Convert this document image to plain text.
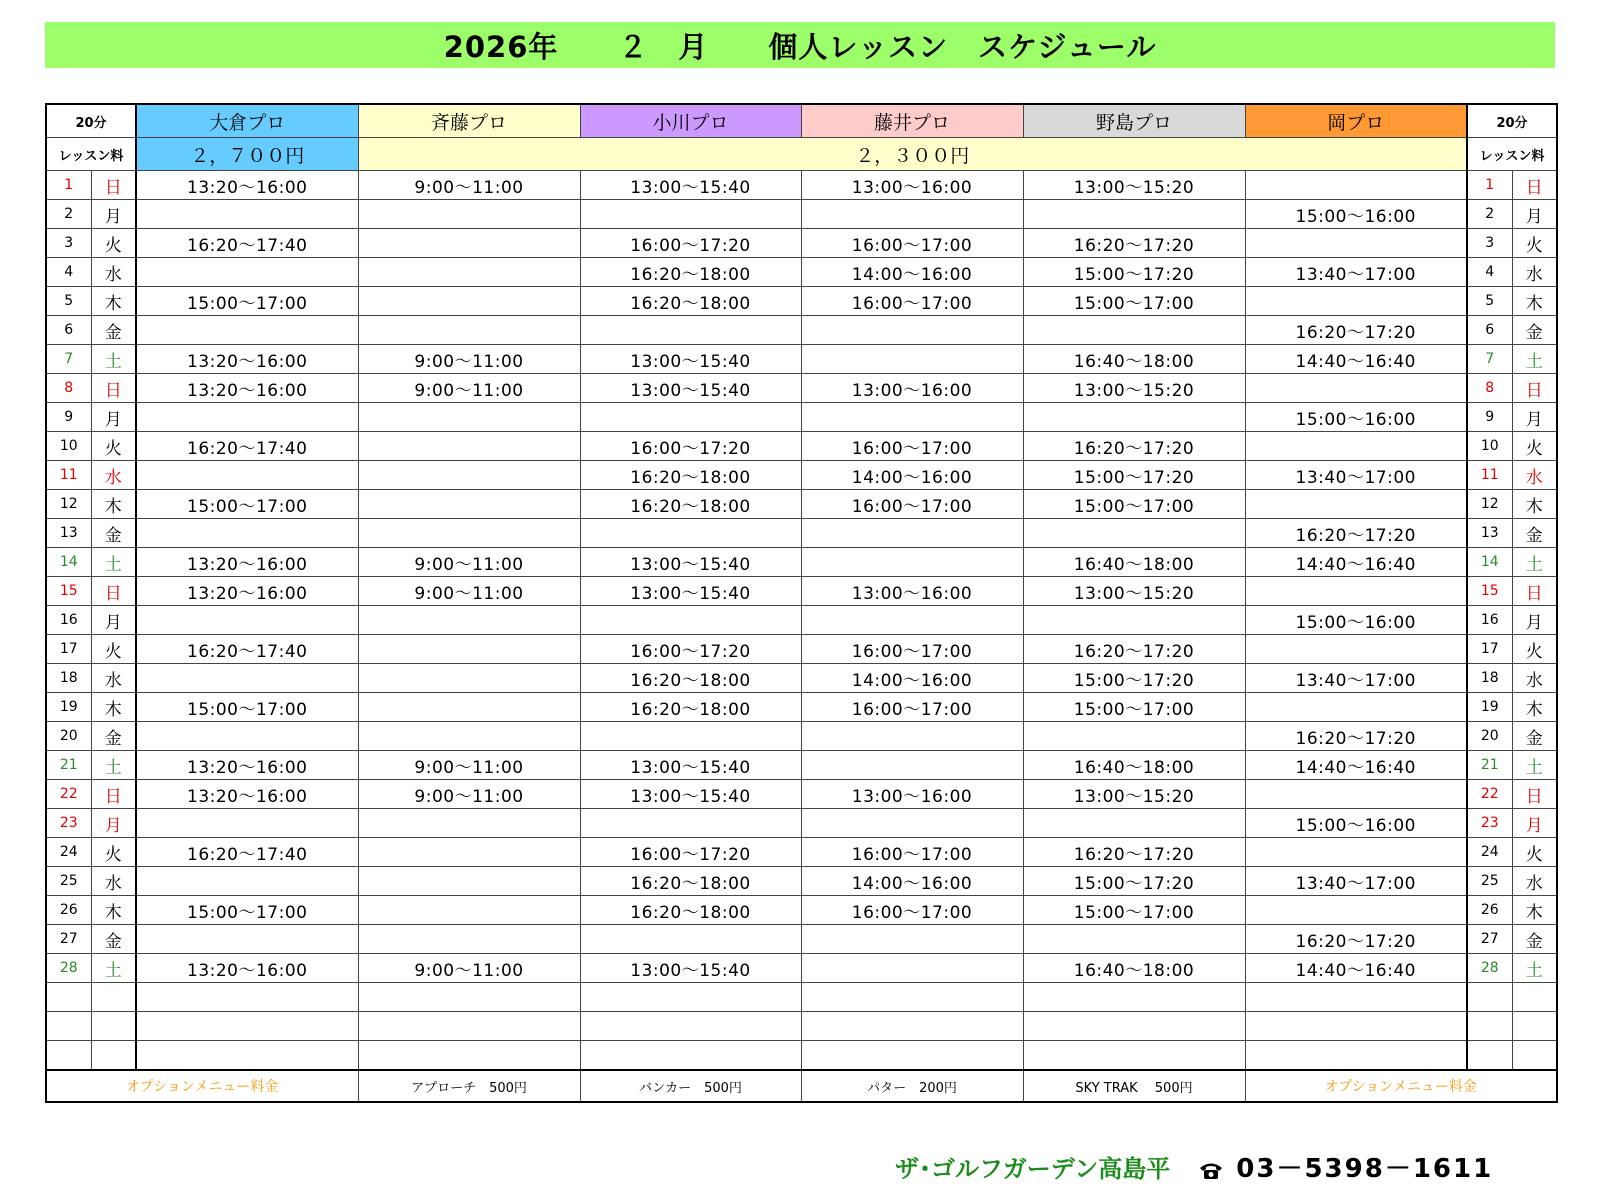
2026年　　２　月　　個人レッスン　スケジュール
20分		大倉プロ	斉藤プロ	小川プロ	藤井プロ	野島プロ	岡プロ	20分	
レッスン料		２，７００円	２，３００円					レッスン料	
1	日	13:20～16:00	9:00～11:00	13:00～15:40	13:00～16:00	13:00～15:20		1	日
2	月						15:00～16:00	2	月
3	火	16:20～17:40		16:00～17:20	16:00～17:00	16:20～17:20		3	火
4	水			16:20～18:00	14:00～16:00	15:00～17:20	13:40～17:00	4	水
5	木	15:00～17:00		16:20～18:00	16:00～17:00	15:00～17:00		5	木
6	金						16:20～17:20	6	金
7	土	13:20～16:00	9:00～11:00	13:00～15:40		16:40～18:00	14:40～16:40	7	土
8	日	13:20～16:00	9:00～11:00	13:00～15:40	13:00～16:00	13:00～15:20		8	日
9	月						15:00～16:00	9	月
10	火	16:20～17:40		16:00～17:20	16:00～17:00	16:20～17:20		10	火
11	水			16:20～18:00	14:00～16:00	15:00～17:20	13:40～17:00	11	水
12	木	15:00～17:00		16:20～18:00	16:00～17:00	15:00～17:00		12	木
13	金						16:20～17:20	13	金
14	土	13:20～16:00	9:00～11:00	13:00～15:40		16:40～18:00	14:40～16:40	14	土
15	日	13:20～16:00	9:00～11:00	13:00～15:40	13:00～16:00	13:00～15:20		15	日
16	月						15:00～16:00	16	月
17	火	16:20～17:40		16:00～17:20	16:00～17:00	16:20～17:20		17	火
18	水			16:20～18:00	14:00～16:00	15:00～17:20	13:40～17:00	18	水
19	木	15:00～17:00		16:20～18:00	16:00～17:00	15:00～17:00		19	木
20	金						16:20～17:20	20	金
21	土	13:20～16:00	9:00～11:00	13:00～15:40		16:40～18:00	14:40～16:40	21	土
22	日	13:20～16:00	9:00～11:00	13:00～15:40	13:00～16:00	13:00～15:20		22	日
23	月						15:00～16:00	23	月
24	火	16:20～17:40		16:00～17:20	16:00～17:00	16:20～17:20		24	火
25	水			16:20～18:00	14:00～16:00	15:00～17:20	13:40～17:00	25	水
26	木	15:00～17:00		16:20～18:00	16:00～17:00	15:00～17:00		26	木
27	金						16:20～17:20	27	金
28	土	13:20～16:00	9:00～11:00	13:00～15:40		16:40～18:00	14:40～16:40	28	土

オプションメニュー料金			アプローチ　500円	バンカー　500円	パター　200円	SKY TRAK　 500円	オプションメニュー料金		
ザ･ゴルフガーデン高島平	03－5398－1611
